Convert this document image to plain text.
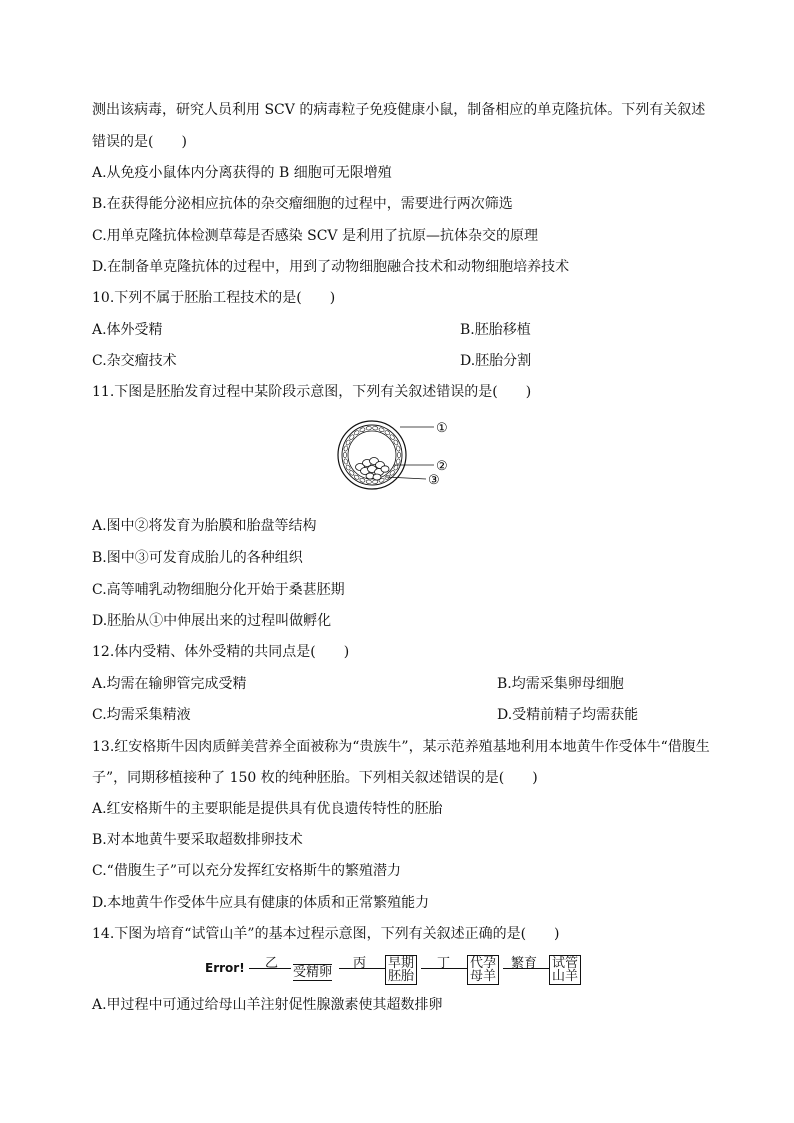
测出该病毒，研究人员利用 SCV 的病毒粒子免疫健康小鼠，制备相应的单克隆抗体。下列有关叙述
错误的是(　　)
A.从免疫小鼠体内分离获得的 B 细胞可无限增殖
B.在获得能分泌相应抗体的杂交瘤细胞的过程中，需要进行两次筛选
C.用单克隆抗体检测草莓是否感染 SCV 是利用了抗原—抗体杂交的原理
D.在制备单克隆抗体的过程中，用到了动物细胞融合技术和动物细胞培养技术
10.下列不属于胚胎工程技术的是(　　)
A.体外受精	B.胚胎移植
C.杂交瘤技术	D.胚胎分割
11.下图是胚胎发育过程中某阶段示意图，下列有关叙述错误的是(　　)
①
②
③
A.图中②将发育为胎膜和胎盘等结构
B.图中③可发育成胎儿的各种组织
C.高等哺乳动物细胞分化开始于桑葚胚期
D.胚胎从①中伸展出来的过程叫做孵化
12.体内受精、体外受精的共同点是(　　)
A.均需在输卵管完成受精	B.均需采集卵母细胞
C.均需采集精液	D.受精前精子均需获能
13.红安格斯牛因肉质鲜美营养全面被称为“贵族牛”，某示范养殖基地利用本地黄牛作受体牛“借腹生
子”，同期移植接种了 150 枚的纯种胚胎。下列相关叙述错误的是(　　)
A.红安格斯牛的主要职能是提供具有优良遗传特性的胚胎
B.对本地黄牛要采取超数排卵技术
C.“借腹生子”可以充分发挥红安格斯牛的繁殖潜力
D.本地黄牛作受体牛应具有健康的体质和正常繁殖能力
14.下图为培育“试管山羊”的基本过程示意图，下列有关叙述正确的是(　　)
Error! 乙
受精卵
丙 早期
胚胎
丁 代孕
母羊
繁育 试管
山羊
A.甲过程中可通过给母山羊注射促性腺激素使其超数排卵
